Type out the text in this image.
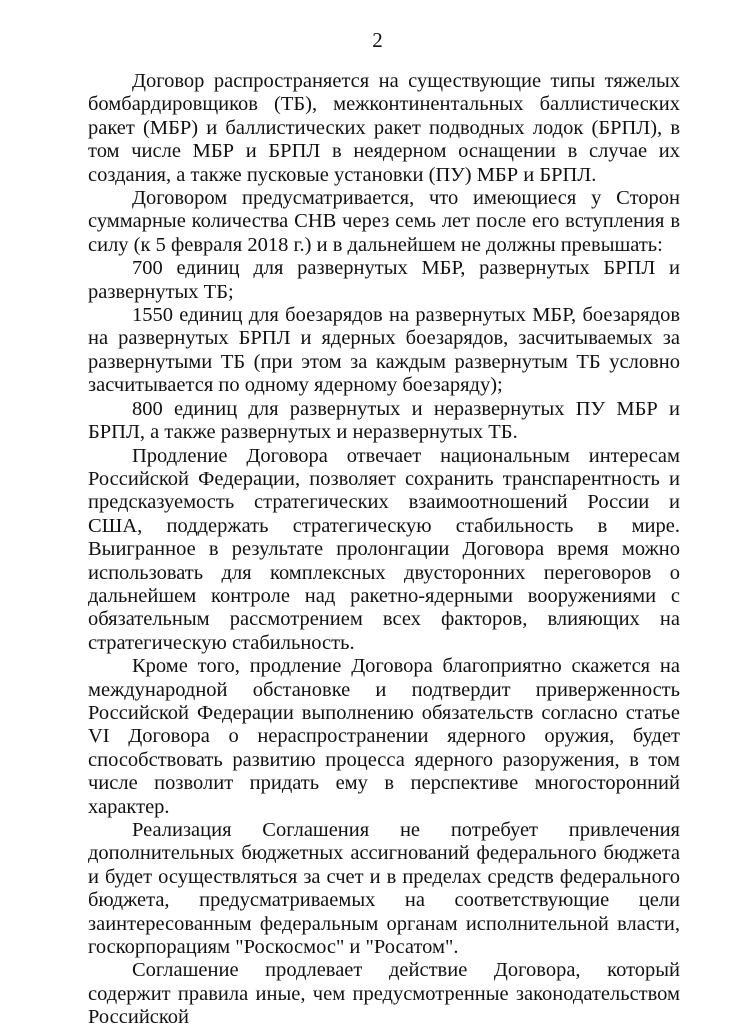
2

Договор распространяется на существующие типы тяжелых бомбардировщиков (ТБ), межконтинентальных баллистических ракет (МБР) и баллистических ракет подводных лодок (БРПЛ), в том числе МБР и БРПЛ в неядерном оснащении в случае их создания, а также пусковые установки (ПУ) МБР и БРПЛ.

Договором предусматривается, что имеющиеся у Сторон суммарные количества СНВ через семь лет после его вступления в силу (к 5 февраля 2018 г.) и в дальнейшем не должны превышать:

700 единиц для развернутых МБР, развернутых БРПЛ и развернутых ТБ;

1550 единиц для боезарядов на развернутых МБР, боезарядов на развернутых БРПЛ и ядерных боезарядов, засчитываемых за развернутыми ТБ (при этом за каждым развернутым ТБ условно засчитывается по одному ядерному боезаряду);

800 единиц для развернутых и неразвернутых ПУ МБР и БРПЛ, а также развернутых и неразвернутых ТБ.

Продление Договора отвечает национальным интересам Российской Федерации, позволяет сохранить транспарентность и предсказуемость стратегических взаимоотношений России и США, поддержать стратегическую стабильность в мире. Выигранное в результате пролонгации Договора время можно использовать для комплексных двусторонних переговоров о дальнейшем контроле над ракетно-ядерными вооружениями с обязательным рассмотрением всех факторов, влияющих на стратегическую стабильность.

Кроме того, продление Договора благоприятно скажется на международной обстановке и подтвердит приверженность Российской Федерации выполнению обязательств согласно статье VI Договора о нераспространении ядерного оружия, будет способствовать развитию процесса ядерного разоружения, в том числе позволит придать ему в перспективе многосторонний характер.

Реализация Соглашения не потребует привлечения дополнительных бюджетных ассигнований федерального бюджета и будет осуществляться за счет и в пределах средств федерального бюджета, предусматриваемых на соответствующие цели заинтересованным федеральным органам исполнительной власти, госкорпорациям "Роскосмос" и "Росатом".

Соглашение продлевает действие Договора, который содержит правила иные, чем предусмотренные законодательством Российской
